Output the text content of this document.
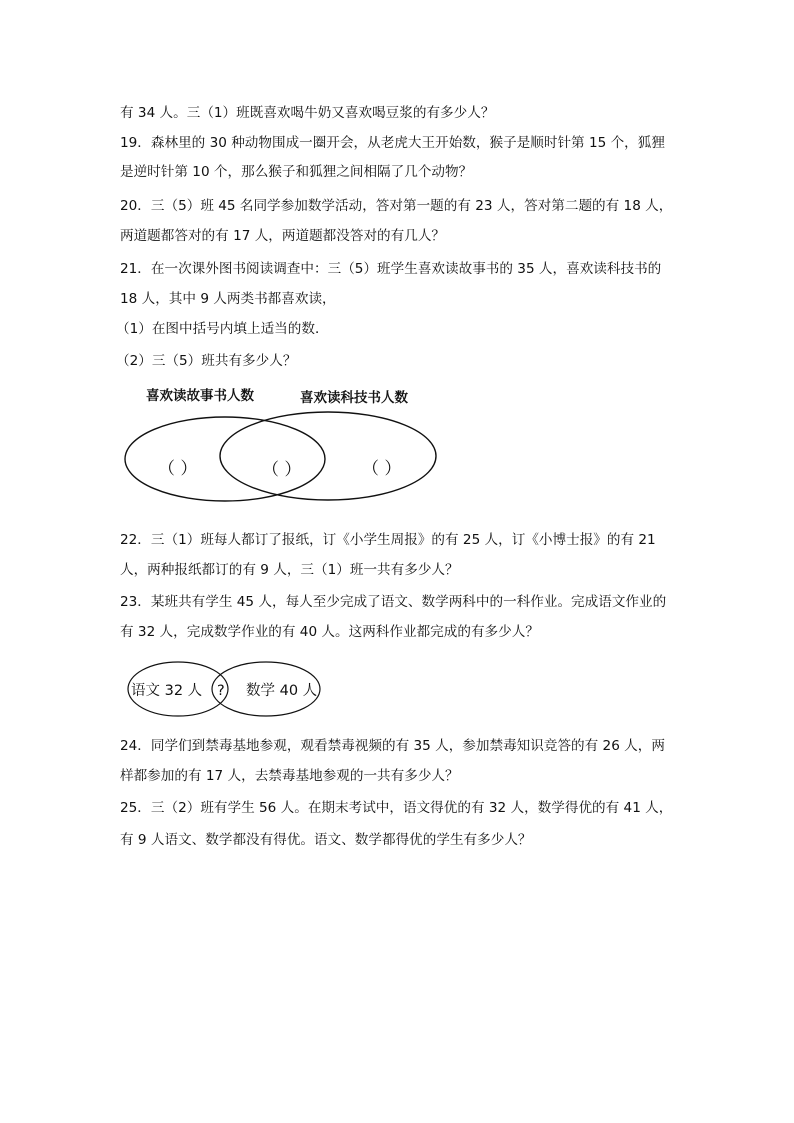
有 34 人。三（1）班既喜欢喝牛奶又喜欢喝豆浆的有多少人？
19．森林里的 30 种动物围成一圈开会，从老虎大王开始数，猴子是顺时针第 15 个，狐狸
是逆时针第 10 个，那么猴子和狐狸之间相隔了几个动物？
20．三（5）班 45 名同学参加数学活动，答对第一题的有 23 人，答对第二题的有 18 人，
两道题都答对的有 17 人，两道题都没答对的有几人？
21．在一次课外图书阅读调查中：三（5）班学生喜欢读故事书的 35 人，喜欢读科技书的
18 人，其中 9 人两类书都喜欢读，
（1）在图中括号内填上适当的数．
（2）三（5）班共有多少人？
喜欢读故事书人数	喜欢读科技书人数
（ ）	（ ）	（ ）
22．三（1）班每人都订了报纸，订《小学生周报》的有 25 人，订《小博士报》的有 21
人，两种报纸都订的有 9 人，三（1）班一共有多少人？
23．某班共有学生 45 人，每人至少完成了语文、数学两科中的一科作业。完成语文作业的
有 32 人，完成数学作业的有 40 人。这两科作业都完成的有多少人？
语文 32 人 ? 数学 40 人
24．同学们到禁毒基地参观，观看禁毒视频的有 35 人，参加禁毒知识竞答的有 26 人，两
样都参加的有 17 人，去禁毒基地参观的一共有多少人？
25．三（2）班有学生 56 人。在期末考试中，语文得优的有 32 人，数学得优的有 41 人，
有 9 人语文、数学都没有得优。语文、数学都得优的学生有多少人？
